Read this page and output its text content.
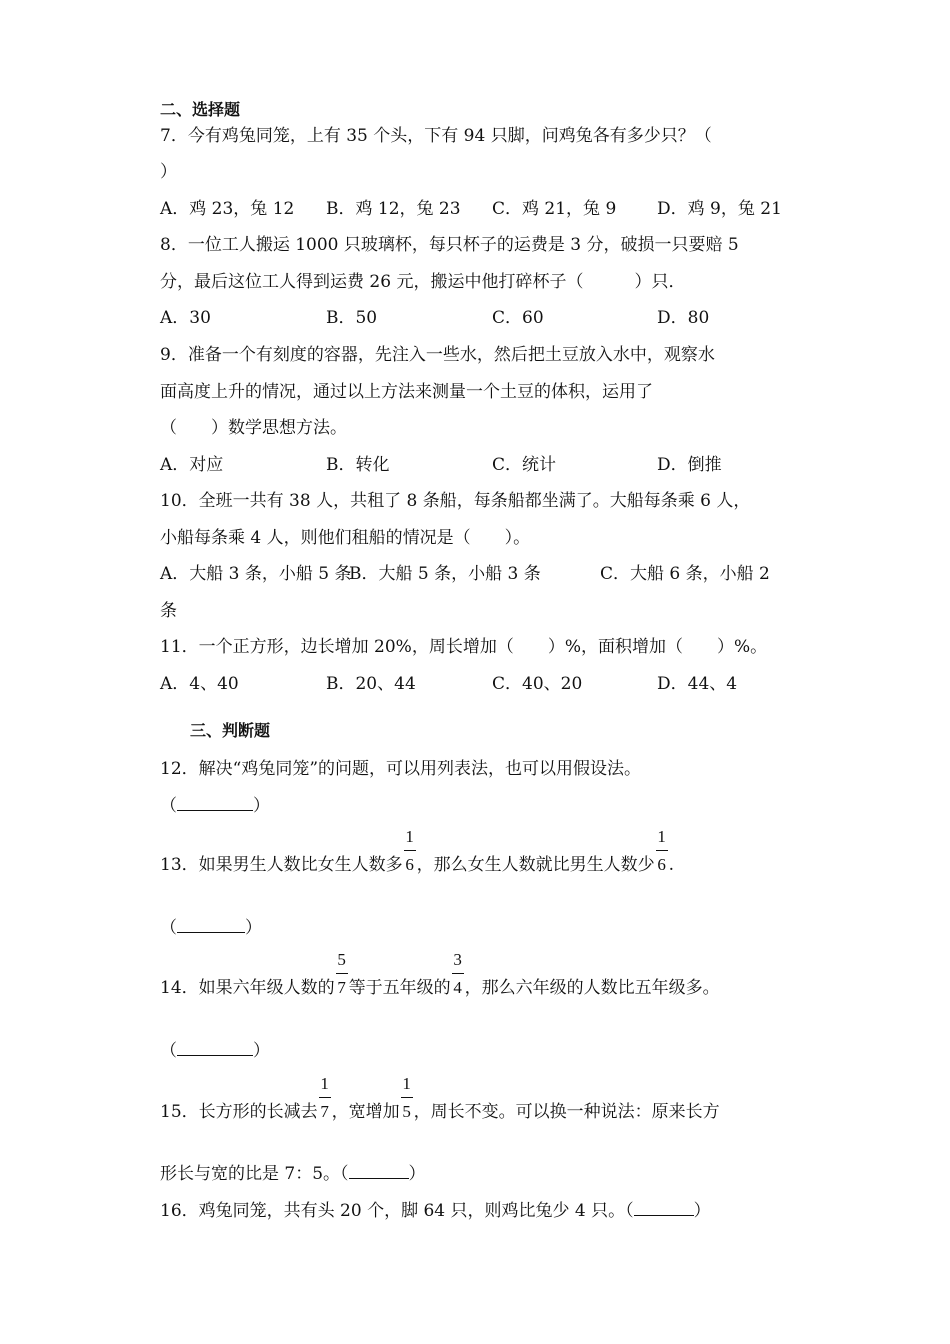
二、选择题
7．今有鸡兔同笼，上有 35 个头，下有 94 只脚，问鸡兔各有多少只？（
）
A．鸡 23，兔 12 B．鸡 12，兔 23 C．鸡 21，兔 9 D．鸡 9，兔 21
8．一位工人搬运 1000 只玻璃杯，每只杯子的运费是 3 分，破损一只要赔 5
分，最后这位工人得到运费 26 元，搬运中他打碎杯子（　　　）只．
A．30	B．50	C．60	D．80
9．准备一个有刻度的容器，先注入一些水，然后把土豆放入水中，观察水
面高度上升的情况，通过以上方法来测量一个土豆的体积，运用了
（　　）数学思想方法。
A．对应	B．转化	C．统计	D．倒推
10．全班一共有 38 人，共租了 8 条船，每条船都坐满了。大船每条乘 6 人，
小船每条乘 4 人，则他们租船的情况是（　　）。
A．大船 3 条，小船 5 条
B．大船 5 条，小船 3 条	C．大船 6 条，小船 2
条
11．一个正方形，边长增加 20%，周长增加（　　）%，面积增加（　　）%。
A．4、40	B．20、44	C．40、20	D．44、4
三、判断题
12．解决“鸡兔同笼”的问题，可以用列表法，也可以用假设法。
（	）
13．如果男生人数比女生人数多 $\frac{1}{6}$ ，那么女生人数就比男生人数少 $\frac{1}{6}$ .
（	）
14．如果六年级人数的 $\frac{5}{7}$ 等于五年级的 $\frac{3}{4}$ ，那么六年级的人数比五年级多。
（	）
15．长方形的长减去 $\frac{1}{7}$ ，宽增加 $\frac{1}{5}$ ，周长不变。可以换一种说法：原来长方
形长与宽的比是 7：5。（	）
16．鸡兔同笼，共有头 20 个，脚 64 只，则鸡比兔少 4 只。（	）
